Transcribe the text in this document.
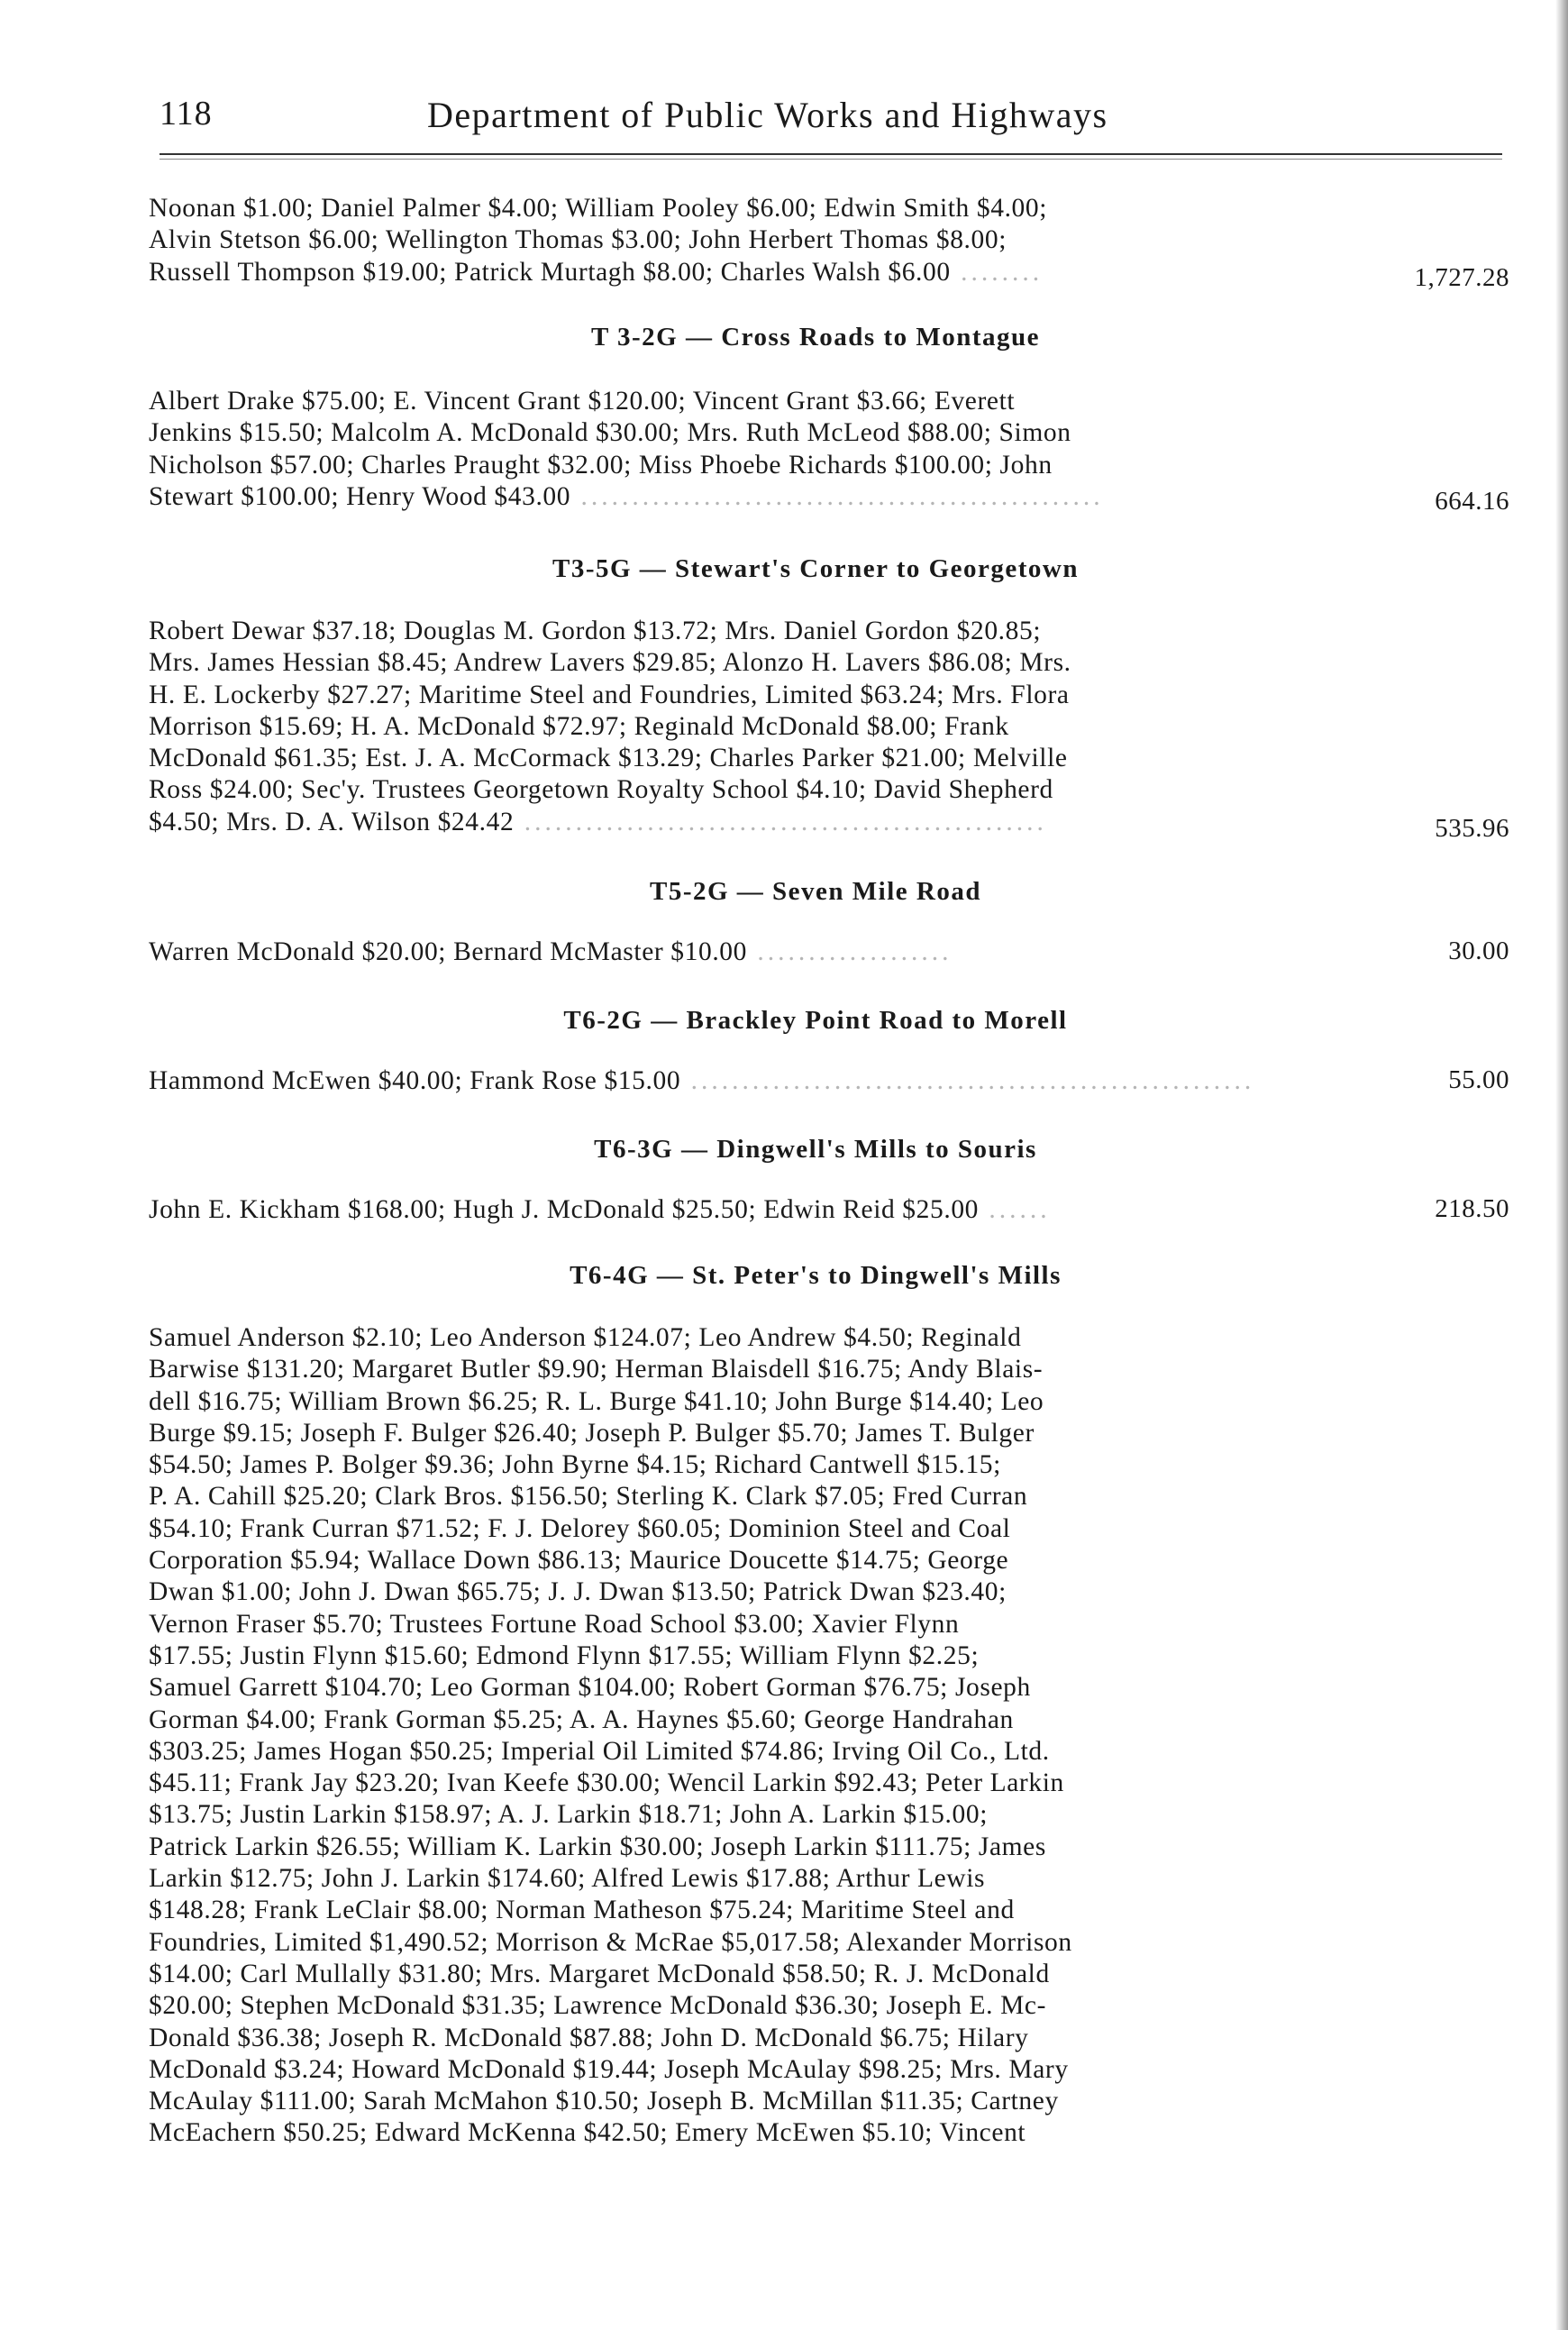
118	Department of Public Works and Highways

Noonan $1.00; Daniel Palmer $4.00; William Pooley $6.00; Edwin Smith $4.00;
Alvin Stetson $6.00; Wellington Thomas $3.00; John Herbert Thomas $8.00;
Russell Thompson $19.00; Patrick Murtagh $8.00; Charles Walsh $6.00 ........	1,727.28

T 3-2G — Cross Roads to Montague

Albert Drake $75.00; E. Vincent Grant $120.00; Vincent Grant $3.66; Everett
Jenkins $15.50; Malcolm A. McDonald $30.00; Mrs. Ruth McLeod $88.00; Simon
Nicholson $57.00; Charles Praught $32.00; Miss Phoebe Richards $100.00; John
Stewart $100.00; Henry Wood $43.00 ...................................................	664.16

T3-5G — Stewart's Corner to Georgetown

Robert Dewar $37.18; Douglas M. Gordon $13.72; Mrs. Daniel Gordon $20.85;
Mrs. James Hessian $8.45; Andrew Lavers $29.85; Alonzo H. Lavers $86.08; Mrs.
H. E. Lockerby $27.27; Maritime Steel and Foundries, Limited $63.24; Mrs. Flora
Morrison $15.69; H. A. McDonald $72.97; Reginald McDonald $8.00; Frank
McDonald $61.35; Est. J. A. McCormack $13.29; Charles Parker $21.00; Melville
Ross $24.00; Sec'y. Trustees Georgetown Royalty School $4.10; David Shepherd
$4.50; Mrs. D. A. Wilson $24.42 ...................................................	535.96

T5-2G — Seven Mile Road

Warren McDonald $20.00; Bernard McMaster $10.00 ...................	30.00

T6-2G — Brackley Point Road to Morell

Hammond McEwen $40.00; Frank Rose $15.00 .......................................................	55.00

T6-3G — Dingwell's Mills to Souris

John E. Kickham $168.00; Hugh J. McDonald $25.50; Edwin Reid $25.00 ......	218.50

T6-4G — St. Peter's to Dingwell's Mills

Samuel Anderson $2.10; Leo Anderson $124.07; Leo Andrew $4.50; Reginald
Barwise $131.20; Margaret Butler $9.90; Herman Blaisdell $16.75; Andy Blais-
dell $16.75; William Brown $6.25; R. L. Burge $41.10; John Burge $14.40; Leo
Burge $9.15; Joseph F. Bulger $26.40; Joseph P. Bulger $5.70; James T. Bulger
$54.50; James P. Bolger $9.36; John Byrne $4.15; Richard Cantwell $15.15;
P. A. Cahill $25.20; Clark Bros. $156.50; Sterling K. Clark $7.05; Fred Curran
$54.10; Frank Curran $71.52; F. J. Delorey $60.05; Dominion Steel and Coal
Corporation $5.94; Wallace Down $86.13; Maurice Doucette $14.75; George
Dwan $1.00; John J. Dwan $65.75; J. J. Dwan $13.50; Patrick Dwan $23.40;
Vernon Fraser $5.70; Trustees Fortune Road School $3.00; Xavier Flynn
$17.55; Justin Flynn $15.60; Edmond Flynn $17.55; William Flynn $2.25;
Samuel Garrett $104.70; Leo Gorman $104.00; Robert Gorman $76.75; Joseph
Gorman $4.00; Frank Gorman $5.25; A. A. Haynes $5.60; George Handrahan
$303.25; James Hogan $50.25; Imperial Oil Limited $74.86; Irving Oil Co., Ltd.
$45.11; Frank Jay $23.20; Ivan Keefe $30.00; Wencil Larkin $92.43; Peter Larkin
$13.75; Justin Larkin $158.97; A. J. Larkin $18.71; John A. Larkin $15.00;
Patrick Larkin $26.55; William K. Larkin $30.00; Joseph Larkin $111.75; James
Larkin $12.75; John J. Larkin $174.60; Alfred Lewis $17.88; Arthur Lewis
$148.28; Frank LeClair $8.00; Norman Matheson $75.24; Maritime Steel and
Foundries, Limited $1,490.52; Morrison & McRae $5,017.58; Alexander Morrison
$14.00; Carl Mullally $31.80; Mrs. Margaret McDonald $58.50; R. J. McDonald
$20.00; Stephen McDonald $31.35; Lawrence McDonald $36.30; Joseph E. Mc-
Donald $36.38; Joseph R. McDonald $87.88; John D. McDonald $6.75; Hilary
McDonald $3.24; Howard McDonald $19.44; Joseph McAulay $98.25; Mrs. Mary
McAulay $111.00; Sarah McMahon $10.50; Joseph B. McMillan $11.35; Cartney
McEachern $50.25; Edward McKenna $42.50; Emery McEwen $5.10; Vincent
